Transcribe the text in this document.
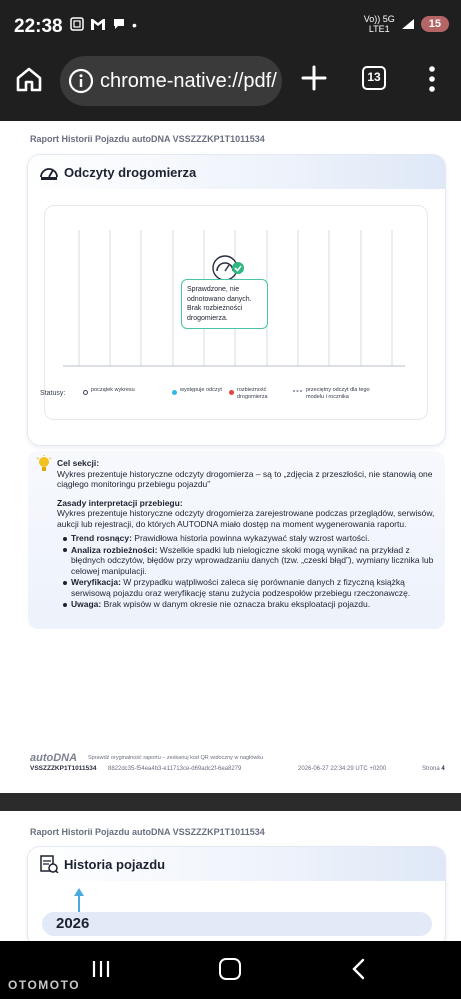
22:38	•	Vo)) 5G
LTE1	15
chrome-native://pdf/	13
Raport Historii Pojazdu autoDNA VSSZZZKP1T1011534
Odczyty drogomierza
Sprawdzone, nie
odnotowano danych.
Brak rozbieżności
drogomierza.
Statusy:	początek wykresu	występuje odczyt	rozbieżność drogomierza
przeciętny odczyt dla tego modelu i rocznika
Cel sekcji:
Wykres prezentuje historyczne odczyty drogomierza – są to „zdjęcia z przeszłości, nie stanowią one ciągłego monitoringu przebiegu pojazdu”
Zasady interpretacji przebiegu:
Wykres prezentuje historyczne odczyty drogomierza zarejestrowane podczas przeglądów, serwisów, aukcji lub rejestracji, do których AUTODNA miało dostęp na moment wygenerowania raportu.
Trend rosnący: Prawidłowa historia powinna wykazywać stały wzrost wartości.
Analiza rozbieżności: Wszelkie spadki lub nielogiczne skoki mogą wynikać na przykład z błędnych odczytów, błędów przy wprowadzaniu danych (tzw. „czeski błąd”), wymiany licznika lub celowej manipulacji.
Weryfikacja: W przypadku wątpliwości zaleca się porównanie danych z fizyczną książką serwisową pojazdu oraz weryfikację stanu zużycia podzespołów przebiegu rzeczonawczę.
Uwaga: Brak wpisów w danym okresie nie oznacza braku eksploatacji pojazdu.
autoDNA Sprawdź oryginalność raportu – zeskanuj kod QR widoczny w nagłówku
VSSZZZKP1T1011534 8822dc35-f54ea4b3-e11713ce-d69adc2f-6ea8279	2026-06-27 22:34:29 UTC +0200	Strona 4
Raport Historii Pojazdu autoDNA VSSZZZKP1T1011534
Historia pojazdu
2026
OTOMOTO
